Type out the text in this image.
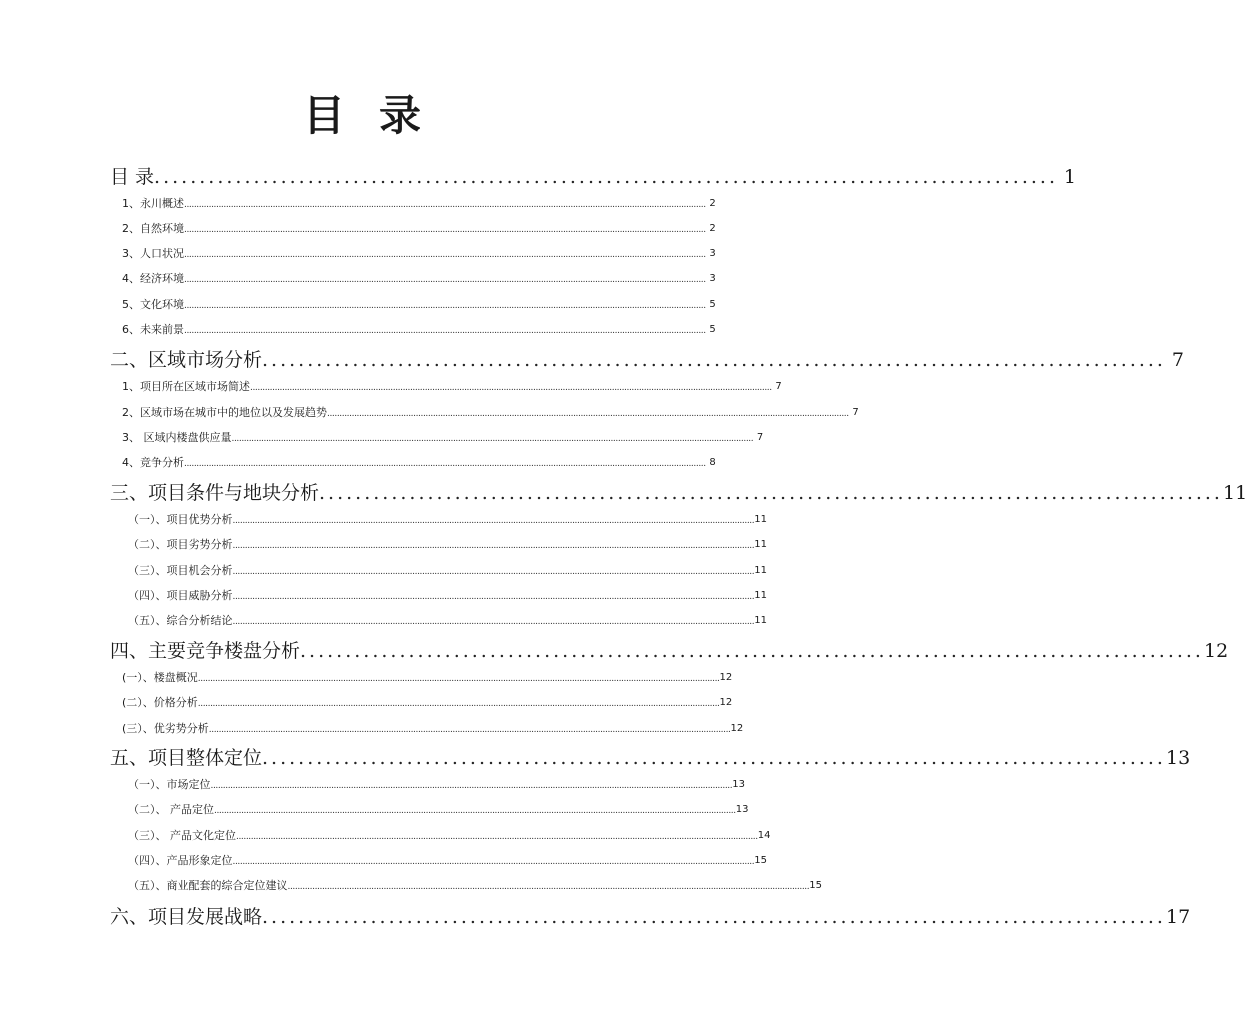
目录
目 录 .................................................................................................... 1
1、永川概述 .................................................................................................................................................................................................................... 2
2、自然环境 .................................................................................................................................................................................................................... 2
3、人口状况 .................................................................................................................................................................................................................... 3
4、经济环境 .................................................................................................................................................................................................................... 3
5、文化环境 .................................................................................................................................................................................................................... 5
6、未来前景 .................................................................................................................................................................................................................... 5
二、区域市场分析 .................................................................................................... 7
1、项目所在区域市场简述 .................................................................................................................................................................................................................... 7
2、区域市场在城市中的地位以及发展趋势 .................................................................................................................................................................................................................... 7
3、 区域内楼盘供应量 .................................................................................................................................................................................................................... 7
4、竞争分析 .................................................................................................................................................................................................................... 8
三、项目条件与地块分析 .................................................................................................... 11
（一）、项目优势分析 .................................................................................................................................................................................................................... 11
（二）、项目劣势分析 .................................................................................................................................................................................................................... 11
（三）、项目机会分析 .................................................................................................................................................................................................................... 11
（四）、项目威胁分析 .................................................................................................................................................................................................................... 11
（五）、综合分析结论 .................................................................................................................................................................................................................... 11
四、主要竞争楼盘分析 .................................................................................................... 12
(一）、楼盘概况 .................................................................................................................................................................................................................... 12
(二）、价格分析 .................................................................................................................................................................................................................... 12
(三）、优劣势分析 .................................................................................................................................................................................................................... 12
五、项目整体定位 .................................................................................................... 13
（一）、市场定位 .................................................................................................................................................................................................................... 13
（二）、 产品定位 .................................................................................................................................................................................................................... 13
（三）、 产品文化定位 .................................................................................................................................................................................................................... 14
（四）、产品形象定位 .................................................................................................................................................................................................................... 15
（五）、商业配套的综合定位建议 .................................................................................................................................................................................................................... 15
六、项目发展战略 .................................................................................................... 17
